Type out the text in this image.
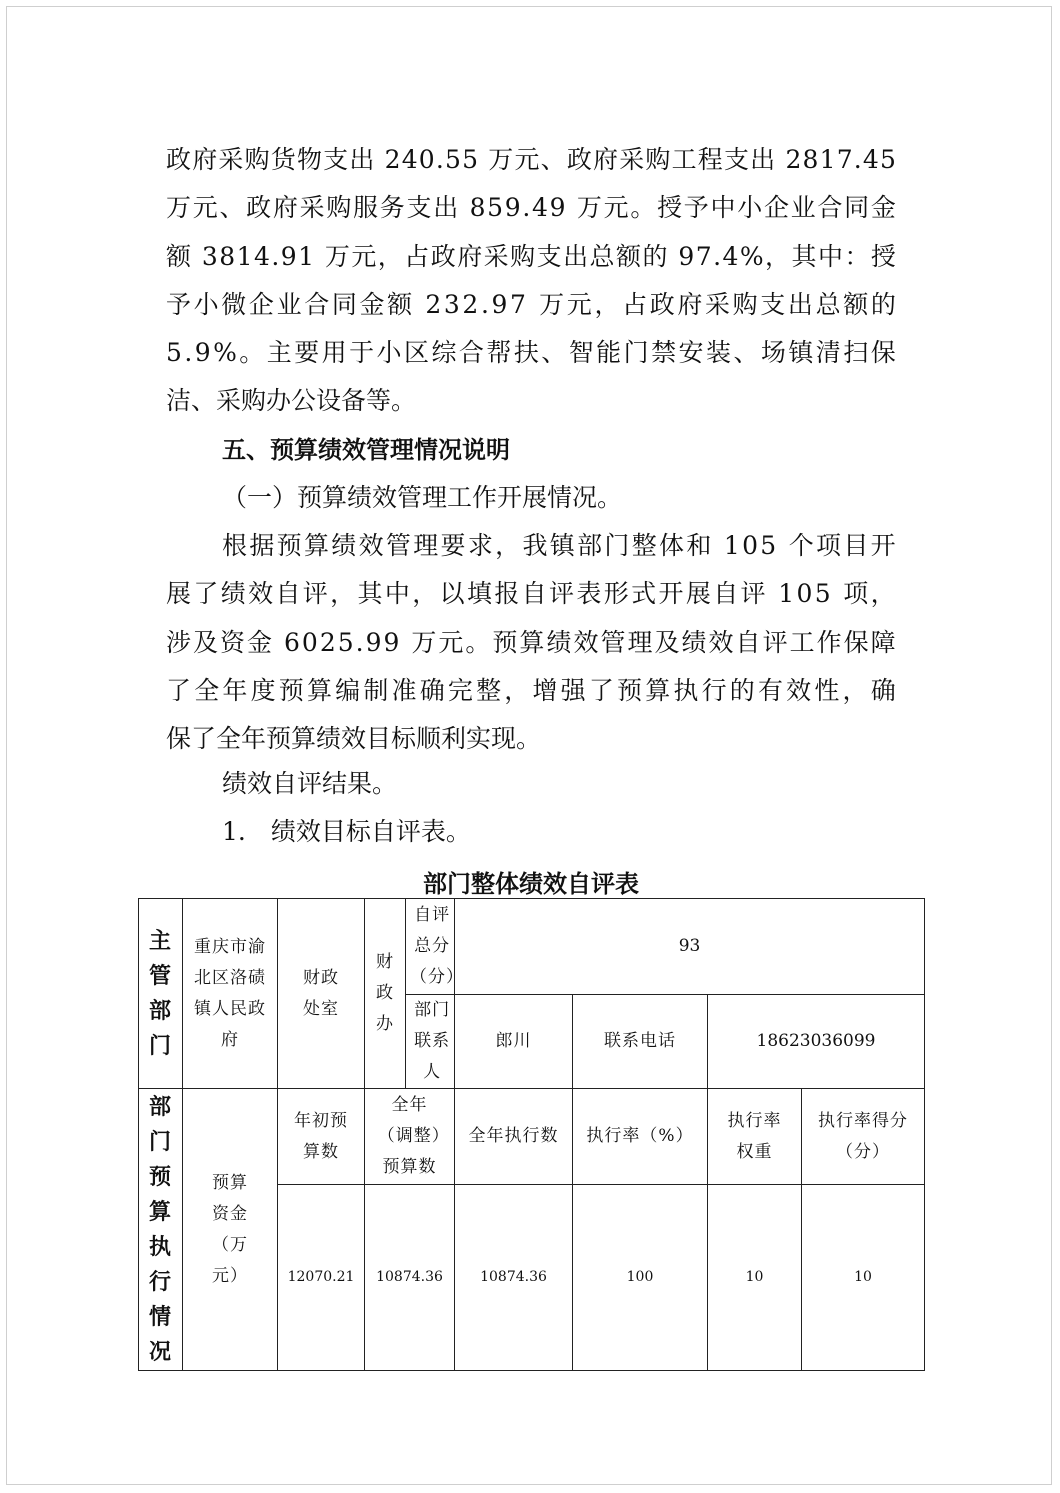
政 府 采 购 货 物 支 出
2 4 0 . 5 5
万 元 、 政 府 采 购 工 程 支 出
2 8 1 7 . 4 5
万 元 、 政 府 采 购 服 务 支 出
8 5 9 . 4 9
万 元 。 授 予 中 小 企 业 合 同 金
额
3 8 1 4 . 9 1
万 元 ， 占 政 府 采 购 支 出 总 额 的
9 7 . 4 % ， 其 中 ： 授
予 小 微 企 业 合 同 金 额
2 3 2 . 9 7
万 元 ， 占 政 府 采 购 支 出 总 额 的
5 . 9 % 。 主 要 用 于 小 区 综 合 帮 扶 、 智 能 门 禁 安 装 、 场 镇 清 扫 保
洁、采购办公设备等。
五、预算绩效管理情况说明
（一）预算绩效管理工作开展情况。
根 据 预 算 绩 效 管 理 要 求 ， 我 镇 部 门 整 体 和
1 0 5
个 项 目 开
展 了 绩 效 自 评 ， 其 中 ， 以 填 报 自 评 表 形 式 开 展 自 评
1 0 5
项 ，
涉 及 资 金
6 0 2 5 . 9 9
万 元 。 预 算 绩 效 管 理 及 绩 效 自 评 工 作 保 障
了 全 年 度 预 算 编 制 准 确 完 整 ， 增 强 了 预 算 执 行 的 有 效 性 ， 确
保了全年预算绩效目标顺利实现。
绩效自评结果。
1.　绩效目标自评表。
部门整体绩效自评表
主管部门	重庆市渝北区洛碛镇人民政府	财政处室	财政办	自评总分（分）	93			

				部门联系人	郎川	联系电话	18623036099	

部门预算执行情况	预算资金（万元）	年初预算数	全年（调整）预算数		全年执行数	执行率（%）	执行率权重	执行率得分（分）

		12070.21	10874.36		10874.36	100	10	10
